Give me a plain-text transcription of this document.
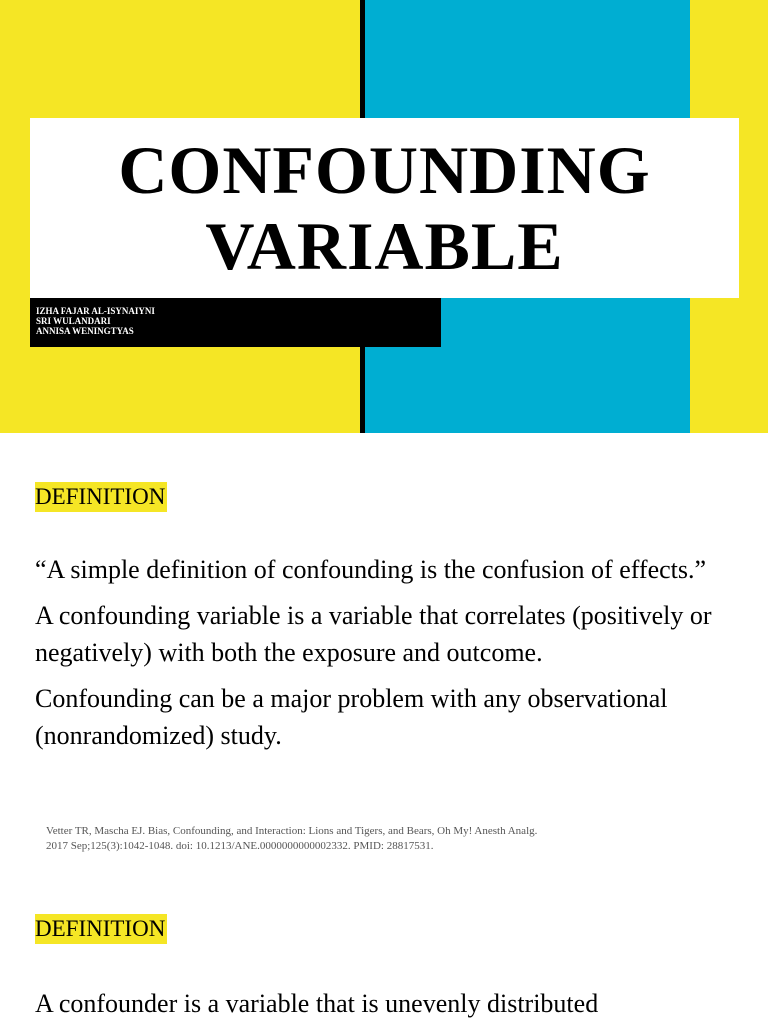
CONFOUNDING
VARIABLE
IZHA FAJAR AL-ISYNAIYNI
SRI WULANDARI
ANNISA WENINGTYAS
DEFINITION

“A simple definition of confounding is the confusion of effects.”

A confounding variable is a variable that correlates (positively or negatively) with both the exposure and outcome.

Confounding can be a major problem with any observational (nonrandomized) study.

Vetter TR, Mascha EJ. Bias, Confounding, and Interaction: Lions and Tigers, and Bears, Oh My! Anesth Analg.
2017 Sep;125(3):1042-1048. doi: 10.1213/ANE.0000000000002332. PMID: 28817531.
DEFINITION

A confounder is a variable that is unevenly distributed
